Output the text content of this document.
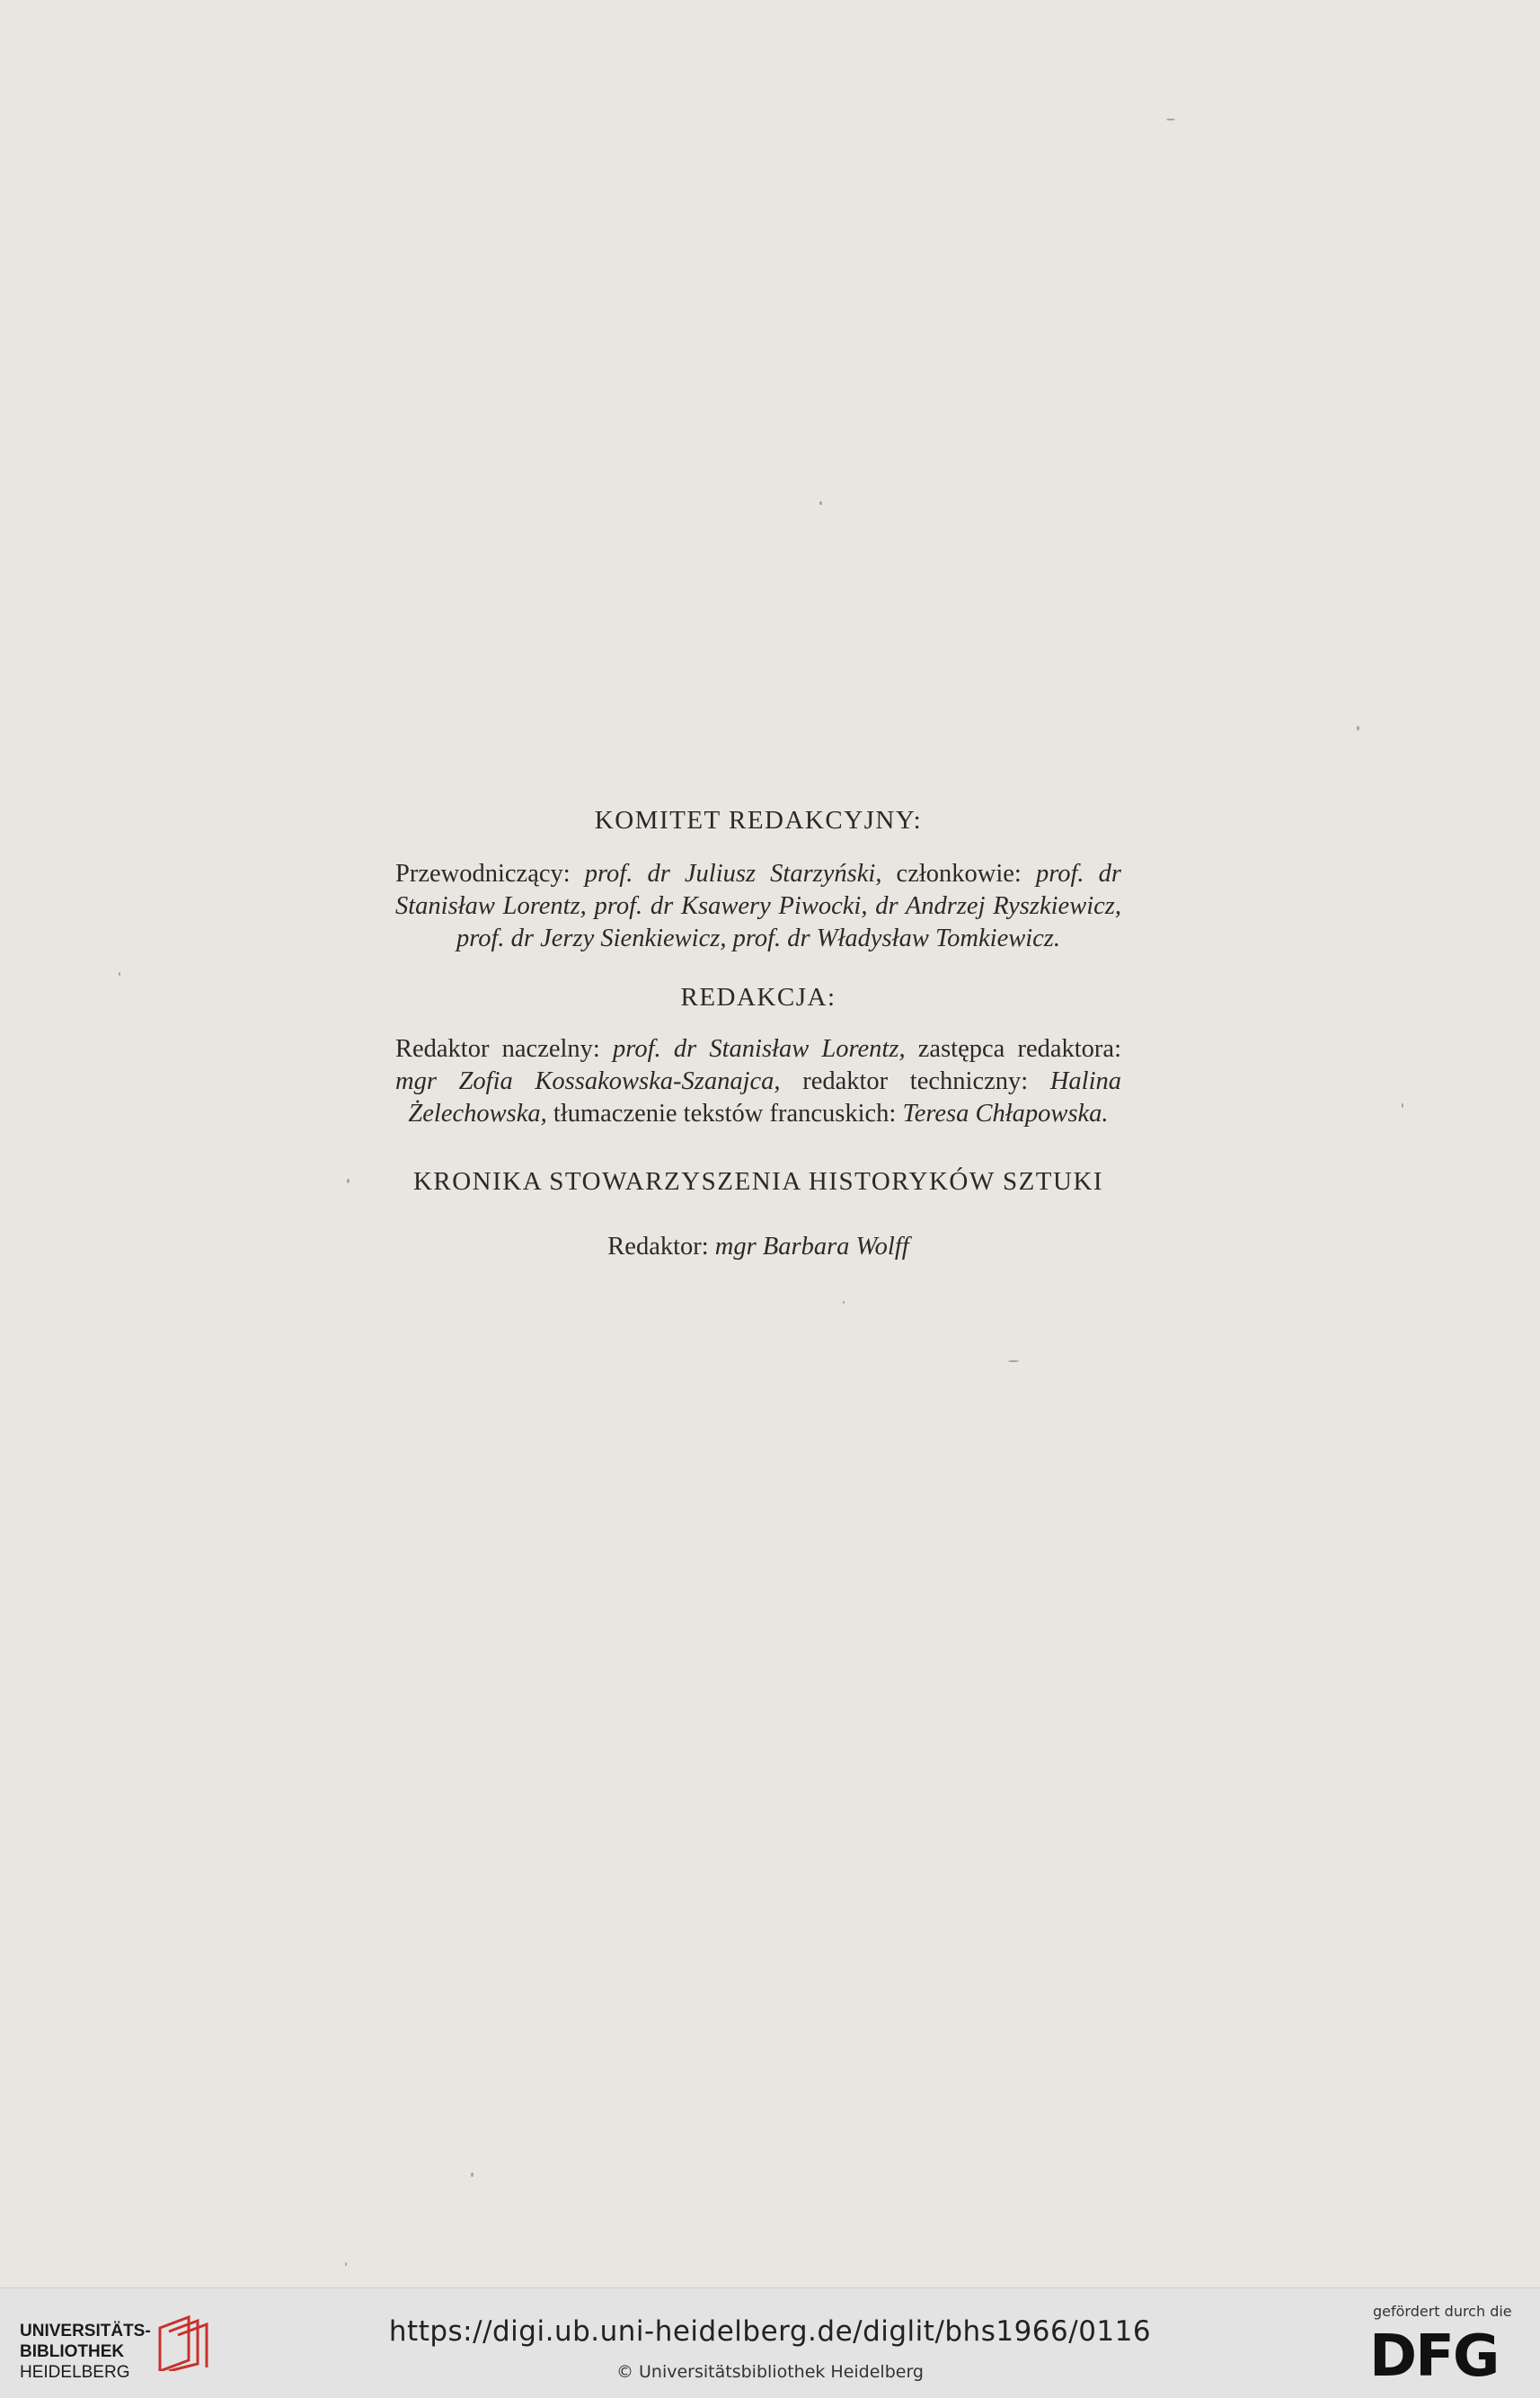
KOMITET REDAKCYJNY:

Przewodniczący: prof. dr Juliusz Starzyński, członkowie: prof. dr Stanisław Lorentz, prof. dr Ksawery Piwocki, dr Andrzej Ryszkiewicz, prof. dr Jerzy Sienkiewicz, prof. dr Władysław Tomkiewicz.

REDAKCJA:

Redaktor naczelny: prof. dr Stanisław Lorentz, zastępca redaktora: mgr Zofia Kossakowska-Szanajca, redaktor techniczny: Halina Żelechowska, tłumaczenie tekstów francuskich: Teresa Chłapowska.

KRONIKA STOWARZYSZENIA HISTORYKÓW SZTUKI

Redaktor: mgr Barbara Wolff

UNIVERSITÄTS-
BIBLIOTHEK
HEIDELBERG
https://digi.ub.uni-heidelberg.de/diglit/bhs1966/0116
© Universitätsbibliothek Heidelberg
gefördert durch die
DFG
